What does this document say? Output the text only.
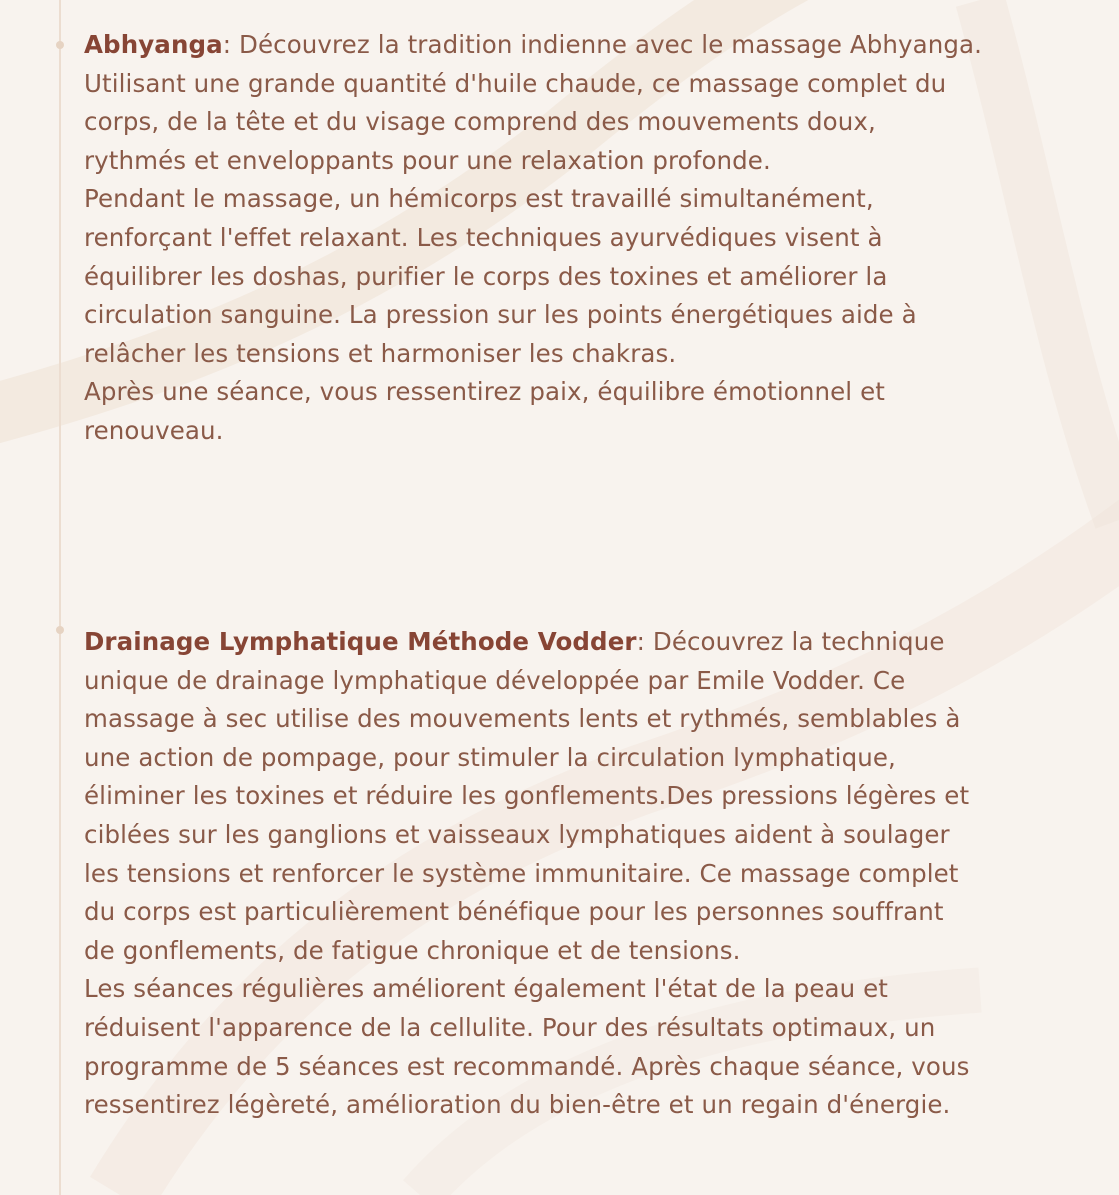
Abhyanga: Découvrez la tradition indienne avec le massage Abhyanga.
Utilisant une grande quantité d'huile chaude, ce massage complet du
corps, de la tête et du visage comprend des mouvements doux,
rythmés et enveloppants pour une relaxation profonde.

Pendant le massage, un hémicorps est travaillé simultanément,
renforçant l'effet relaxant. Les techniques ayurvédiques visent à
équilibrer les doshas, purifier le corps des toxines et améliorer la
circulation sanguine. La pression sur les points énergétiques aide à
relâcher les tensions et harmoniser les chakras.

Après une séance, vous ressentirez paix, équilibre émotionnel et
renouveau.

Drainage Lymphatique Méthode Vodder: Découvrez la technique
unique de drainage lymphatique développée par Emile Vodder. Ce
massage à sec utilise des mouvements lents et rythmés, semblables à
une action de pompage, pour stimuler la circulation lymphatique,
éliminer les toxines et réduire les gonflements.Des pressions légères et
ciblées sur les ganglions et vaisseaux lymphatiques aident à soulager
les tensions et renforcer le système immunitaire. Ce massage complet
du corps est particulièrement bénéfique pour les personnes souffrant
de gonflements, de fatigue chronique et de tensions.

Les séances régulières améliorent également l'état de la peau et
réduisent l'apparence de la cellulite. Pour des résultats optimaux, un
programme de 5 séances est recommandé. Après chaque séance, vous
ressentirez légèreté, amélioration du bien-être et un regain d'énergie.
